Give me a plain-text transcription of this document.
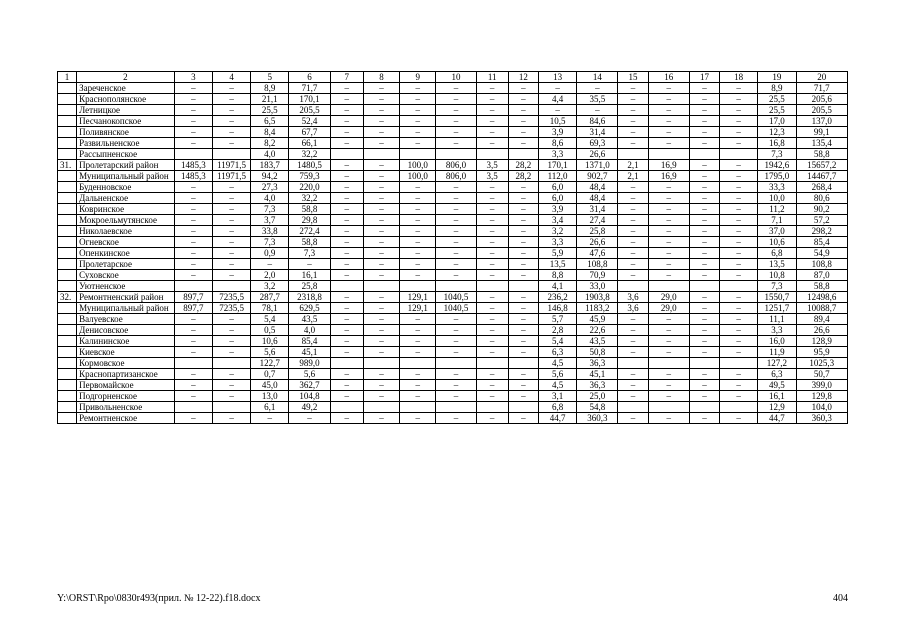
1	2	3	4	5	6	7	8	9	10	11	12	13	14	15	16	17	18	19	20
	Зареченское	–	–	8,9	71,7	–	–	–	–	–	–	–	–	–	–	–	–	8,9	71,7
	Краснополянское	–	–	21,1	170,1	–	–	–	–	–	–	4,4	35,5	–	–	–	–	25,5	205,6
	Летницкое	–	–	25,5	205,5	–	–	–	–	–	–	–	–	–	–	–	–	25,5	205,5
	Песчанокопское	–	–	6,5	52,4	–	–	–	–	–	–	10,5	84,6	–	–	–	–	17,0	137,0
	Поливянское	–	–	8,4	67,7	–	–	–	–	–	–	3,9	31,4	–	–	–	–	12,3	99,1
	Развильненское	–	–	8,2	66,1	–	–	–	–	–	–	8,6	69,3	–	–	–	–	16,8	135,4
	Рассыпненское			4,0	32,2							3,3	26,6					7,3	58,8
31.	Пролетарский район	1485,3	11971,5	183,7	1480,5	–	–	100,0	806,0	3,5	28,2	170,1	1371,0	2,1	16,9	–	–	1942,6	15657,2
	Муниципальный район	1485,3	11971,5	94,2	759,3	–	–	100,0	806,0	3,5	28,2	112,0	902,7	2,1	16,9	–	–	1795,0	14467,7
	Буденновское	–	–	27,3	220,0	–	–	–	–	–	–	6,0	48,4	–	–	–	–	33,3	268,4
	Дальненское	–	–	4,0	32,2	–	–	–	–	–	–	6,0	48,4	–	–	–	–	10,0	80,6
	Ковринское	–	–	7,3	58,8	–	–	–	–	–	–	3,9	31,4	–	–	–	–	11,2	90,2
	Мокроельмутянское	–	–	3,7	29,8	–	–	–	–	–	–	3,4	27,4	–	–	–	–	7,1	57,2
	Николаевское	–	–	33,8	272,4	–	–	–	–	–	–	3,2	25,8	–	–	–	–	37,0	298,2
	Огневское	–	–	7,3	58,8	–	–	–	–	–	–	3,3	26,6	–	–	–	–	10,6	85,4
	Опенкинское	–	–	0,9	7,3	–	–	–	–	–	–	5,9	47,6	–	–	–	–	6,8	54,9
	Пролетарское	–	–	–	–	–	–	–	–	–	–	13,5	108,8	–	–	–	–	13,5	108,8
	Суховское	–	–	2,0	16,1	–	–	–	–	–	–	8,8	70,9	–	–	–	–	10,8	87,0
	Уютненское			3,2	25,8							4,1	33,0					7,3	58,8
32.	Ремонтненский район	897,7	7235,5	287,7	2318,8	–	–	129,1	1040,5	–	–	236,2	1903,8	3,6	29,0	–	–	1550,7	12498,6
	Муниципальный район	897,7	7235,5	78,1	629,5	–	–	129,1	1040,5	–	–	146,8	1183,2	3,6	29,0	–	–	1251,7	10088,7
	Валуевское	–	–	5,4	43,5	–	–	–	–	–	–	5,7	45,9	–	–	–	–	11,1	89,4
	Денисовское	–	–	0,5	4,0	–	–	–	–	–	–	2,8	22,6	–	–	–	–	3,3	26,6
	Калининское	–	–	10,6	85,4	–	–	–	–	–	–	5,4	43,5	–	–	–	–	16,0	128,9
	Киевское	–	–	5,6	45,1	–	–	–	–	–	–	6,3	50,8	–	–	–	–	11,9	95,9
	Кормовское			122,7	989,0							4,5	36,3					127,2	1025,3
	Краснопартизанское	–	–	0,7	5,6	–	–	–	–	–	–	5,6	45,1	–	–	–	–	6,3	50,7
	Первомайское	–	–	45,0	362,7	–	–	–	–	–	–	4,5	36,3	–	–	–	–	49,5	399,0
	Подгорненское	–	–	13,0	104,8	–	–	–	–	–	–	3,1	25,0	–	–	–	–	16,1	129,8
	Привольненское			6,1	49,2							6,8	54,8					12,9	104,0
	Ремонтненское	–	–	–	–	–	–	–	–	–	–	44,7	360,3	–	–	–	–	44,7	360,3
Y:\ORST\Rpo\0830r493(прил. № 12-22).f18.docx	404
